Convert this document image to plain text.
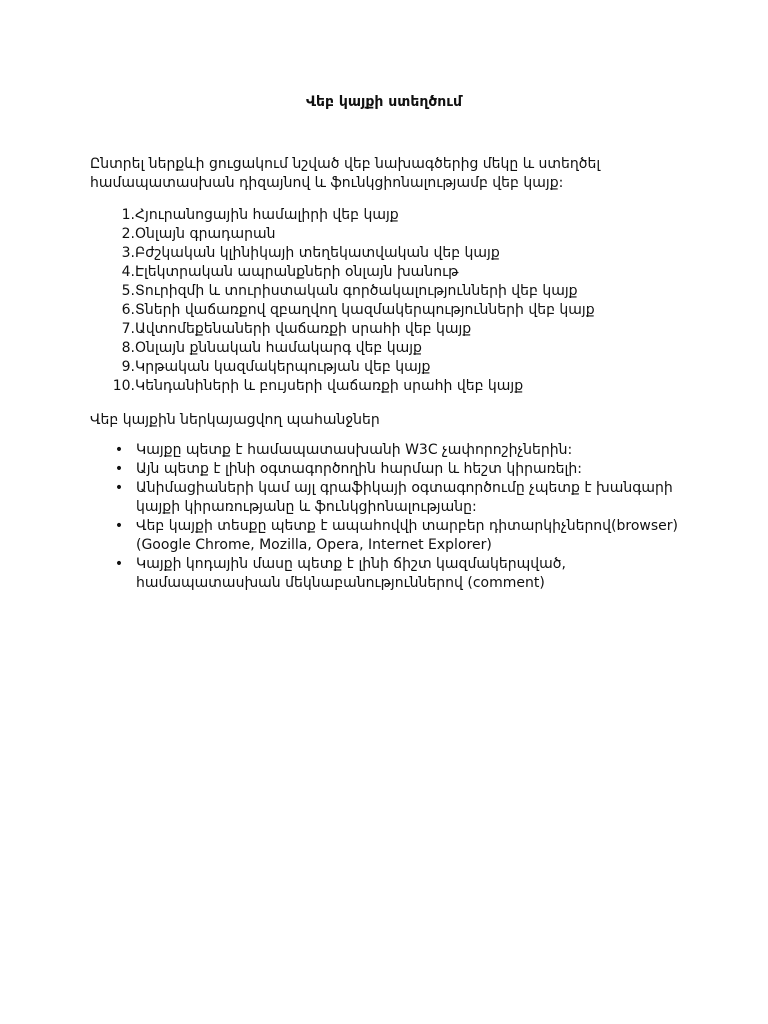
Վեբ կայքի ստեղծում

Ընտրել ներքևի ցուցակում նշված վեբ նախագծերից մեկը և ստեղծել համապատասխան դիզայնով և ֆունկցիոնալությամբ վեբ կայք:

1. Հյուրանոցային համալիրի վեբ կայք
2. Օնլայն գրադարան
3. Բժշկական կլինիկայի տեղեկատվական վեբ կայք
4. Էլեկտրական ապրանքների օնլայն խանութ
5. Տուրիզմի և տուրիստական գործակալությունների վեբ կայք
6. Տների վաճառքով զբաղվող կազմակերպությունների վեբ կայք
7. Ավտոմեքենաների վաճառքի սրահի վեբ կայք
8. Օնլայն քննական համակարգ վեբ կայք
9. Կրթական կազմակերպության վեբ կայք
10. Կենդանիների և բույսերի վաճառքի սրահի վեբ կայք

Վեբ կայքին ներկայացվող պահանջներ

• Կայքը պետք է համապատասխանի W3C չափորոշիչներին:
• Այն պետք է լինի օգտագործողին հարմար և հեշտ կիրառելի:
• Անիմացիաների կամ այլ գրաֆիկայի օգտագործումը չպետք է խանգարի կայքի կիրառությանը և ֆունկցիոնալությանը:
• Վեբ կայքի տեսքը պետք է ապահովվի տարբեր դիտարկիչներով(browser) (Google Chrome, Mozilla, Opera, Internet Explorer)
• Կայքի կոդային մասը պետք է լինի ճիշտ կազմակերպված, համապատասխան մեկնաբանություններով (comment)
